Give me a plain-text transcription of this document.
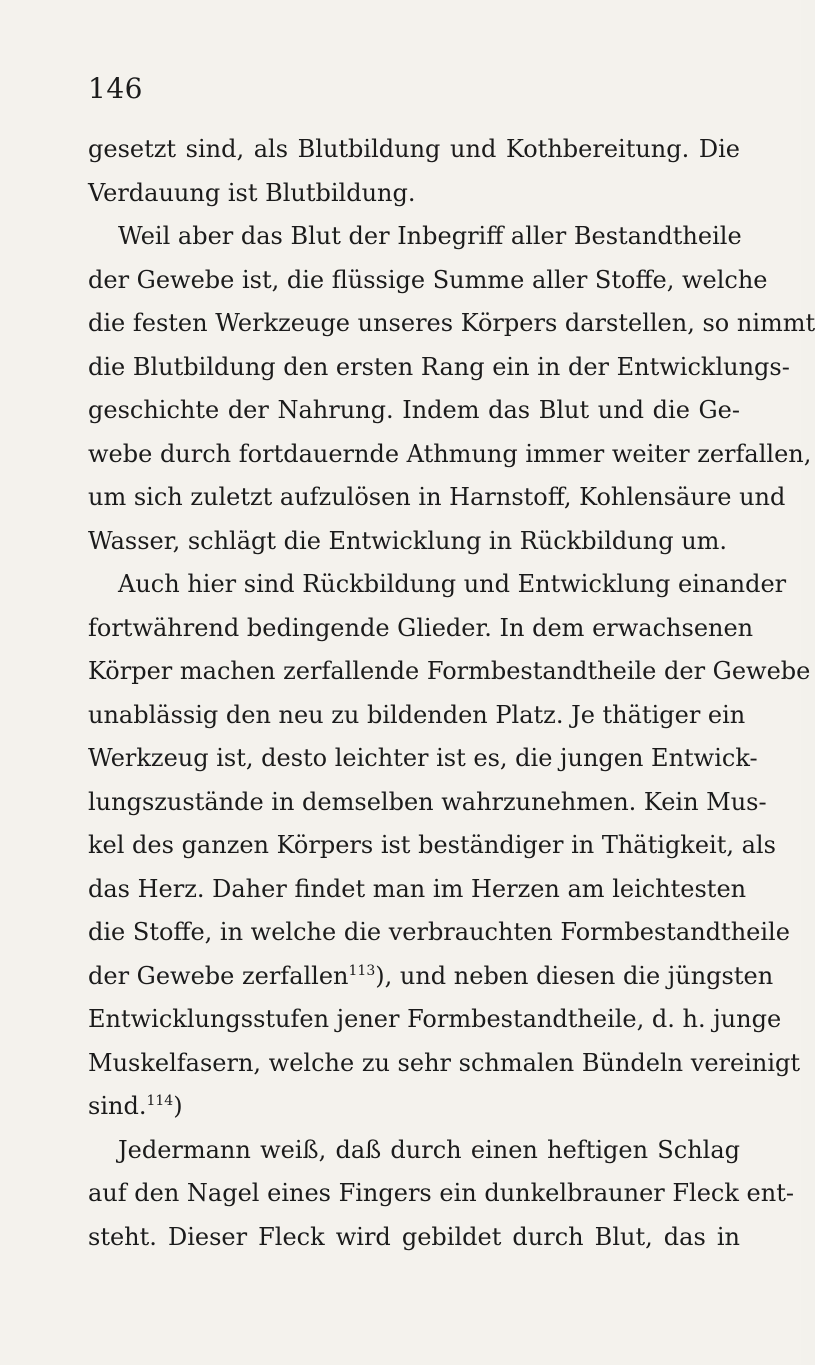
146
gesetzt sind, als Blutbildung und Kothbereitung. Die
Verdauung ist Blutbildung.
Weil aber das Blut der Inbegriff aller Bestandtheile
der Gewebe ist, die flüssige Summe aller Stoffe, welche
die festen Werkzeuge unseres Körpers darstellen, so nimmt
die Blutbildung den ersten Rang ein in der Entwicklungs-
geschichte der Nahrung. Indem das Blut und die Ge-
webe durch fortdauernde Athmung immer weiter zerfallen,
um sich zuletzt aufzulösen in Harnstoff, Kohlensäure und
Wasser, schlägt die Entwicklung in Rückbildung um.
Auch hier sind Rückbildung und Entwicklung einander
fortwährend bedingende Glieder. In dem erwachsenen
Körper machen zerfallende Formbestandtheile der Gewebe
unablässig den neu zu bildenden Platz. Je thätiger ein
Werkzeug ist, desto leichter ist es, die jungen Entwick-
lungszustände in demselben wahrzunehmen. Kein Mus-
kel des ganzen Körpers ist beständiger in Thätigkeit, als
das Herz. Daher findet man im Herzen am leichtesten
die Stoffe, in welche die verbrauchten Formbestandtheile
der Gewebe zerfallen$^{113}$), und neben diesen die jüngsten
Entwicklungsstufen jener Formbestandtheile, d. h. junge
Muskelfasern, welche zu sehr schmalen Bündeln vereinigt
sind.$^{114}$)
Jedermann weiß, daß durch einen heftigen Schlag
auf den Nagel eines Fingers ein dunkelbrauner Fleck ent-
steht. Dieser Fleck wird gebildet durch Blut, das in
